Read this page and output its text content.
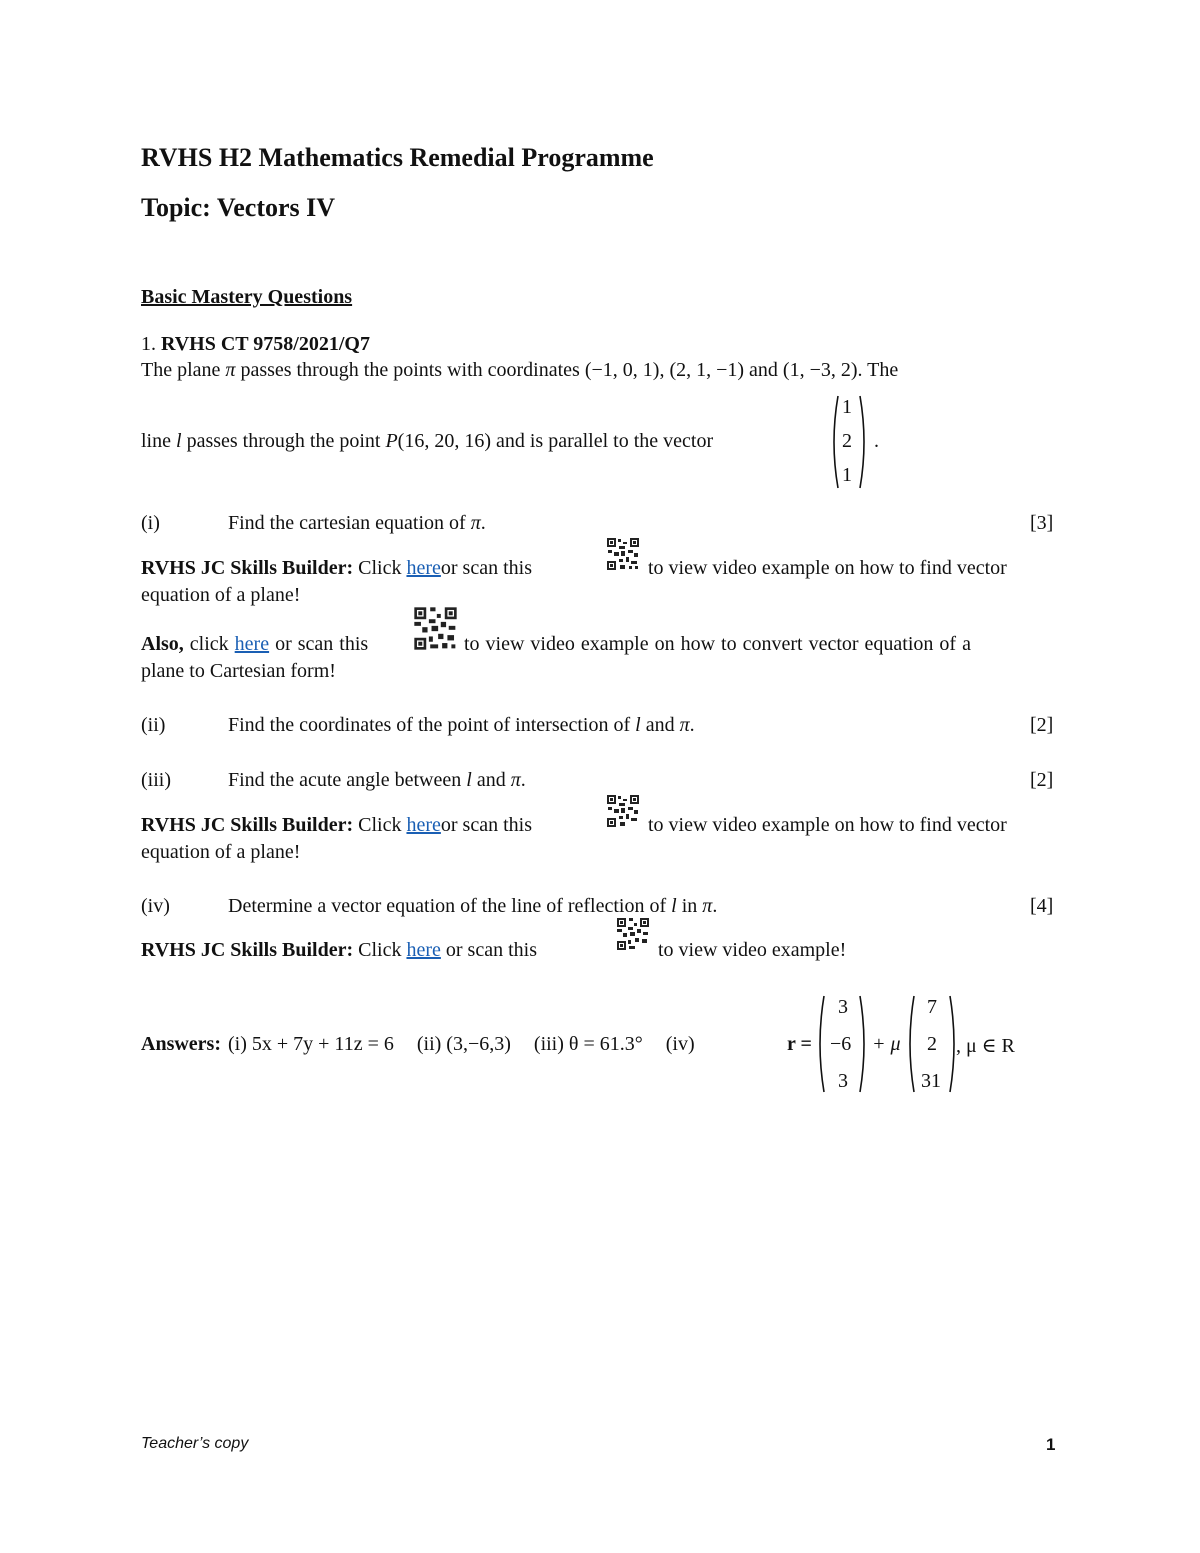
RVHS H2 Mathematics Remedial Programme
Topic: Vectors IV
Basic Mastery Questions
1. RVHS CT 9758/2021/Q7
The plane π passes through the points with coordinates (−1, 0, 1), (2, 1, −1) and (1, −3, 2). The
line l passes through the point P(16, 20, 16) and is parallel to the vector
1
2
1
.
(i)	Find the cartesian equation of π.	[3]
RVHS JC Skills Builder: Click hereor scan this	to view video example on how to find vector
equation of a plane!
Also, click here or scan this	to view video example on how to convert vector equation of a
plane to Cartesian form!
(ii)	Find the coordinates of the point of intersection of l and π.	[2]
(iii)	Find the acute angle between l and π.	[2]
RVHS JC Skills Builder: Click hereor scan this	to view video example on how to find vector
equation of a plane!
(iv)	Determine a vector equation of the line of reflection of l in π.	[4]
RVHS JC Skills Builder: Click here or scan this	to view video example!
Answers: (i) 5x + 7y + 11z = 6 (ii) (3,−6,3) (iii) θ = 61.3° (iv)	r =
3
−6
3
+ μ
7
2
31
, μ ∈ R
Teacher’s copy	1
